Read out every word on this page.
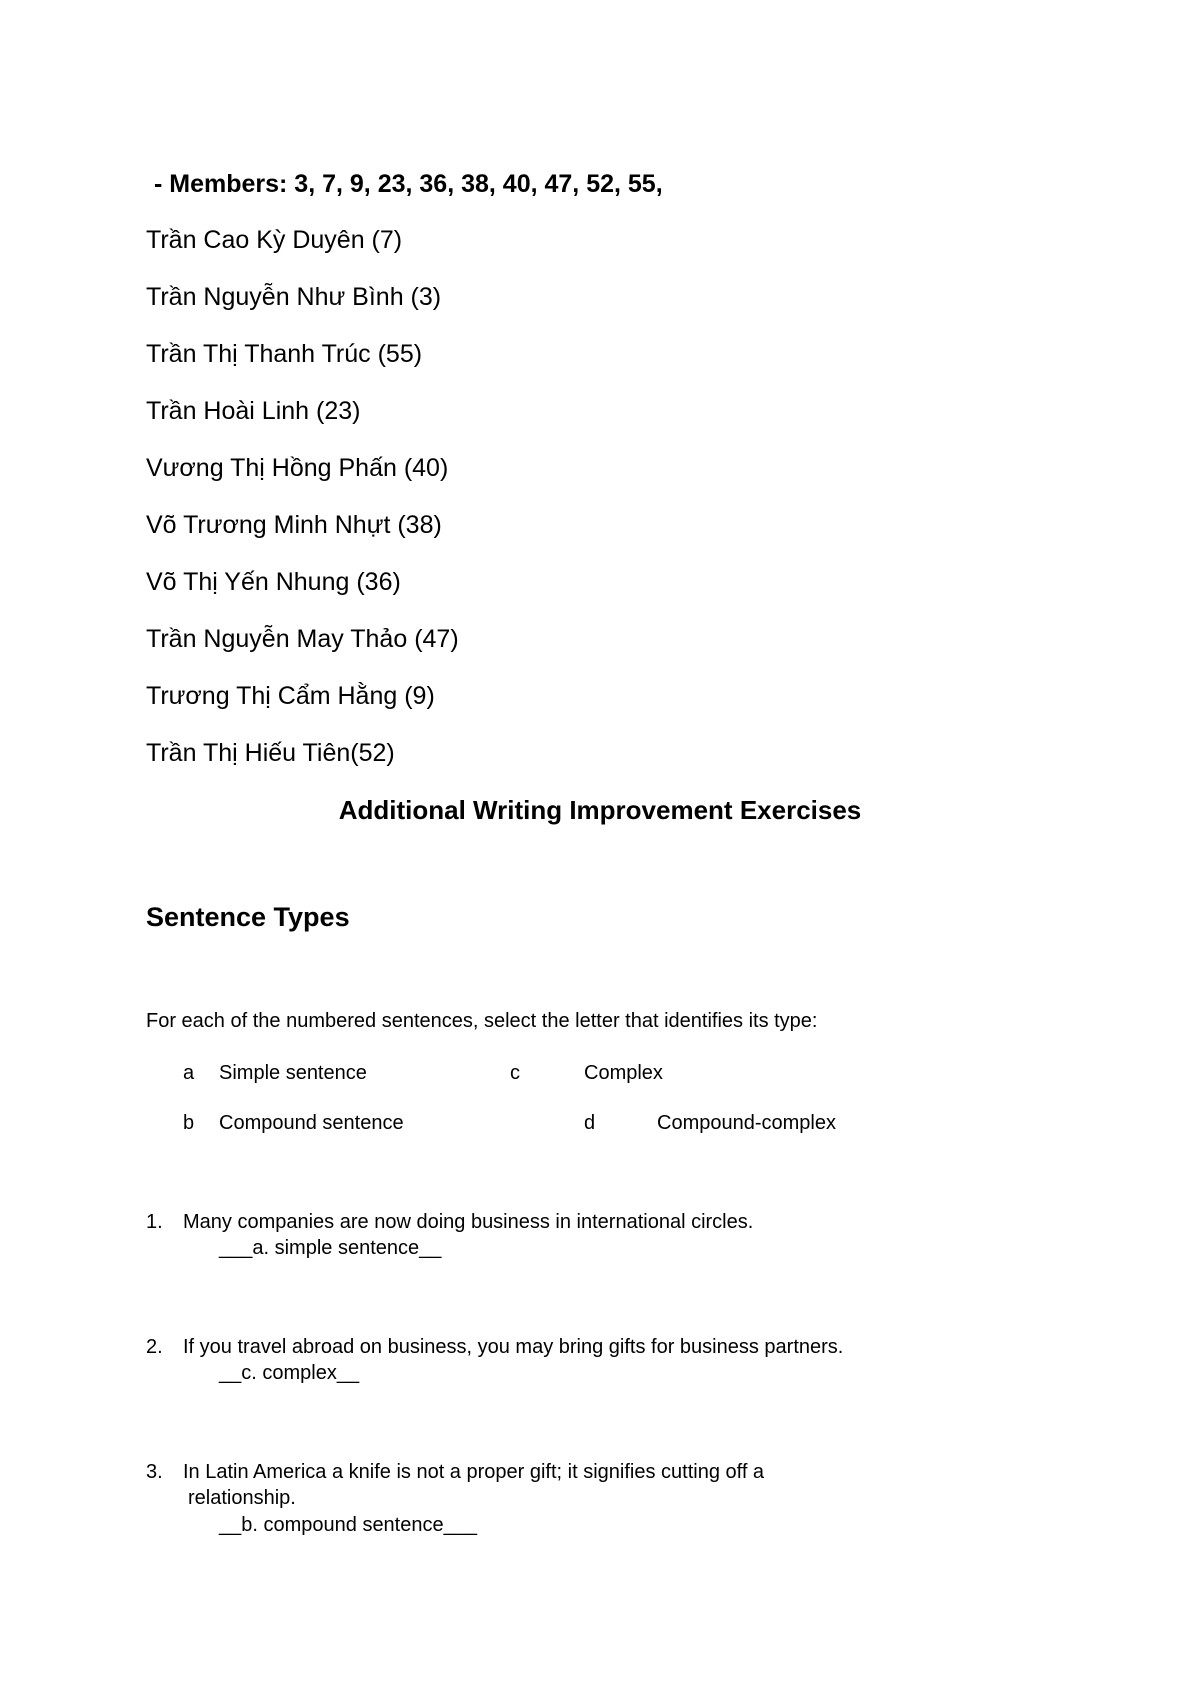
- Members: 3, 7, 9, 23, 36, 38, 40, 47, 52, 55,
Trần Cao Kỳ Duyên (7)
Trần Nguyễn Như Bình (3)
Trần Thị Thanh Trúc (55)
Trần Hoài Linh (23)
Vương Thị Hồng Phấn (40)
Võ Trương Minh Nhựt (38)
Võ Thị Yến Nhung (36)
Trần Nguyễn May Thảo (47)
Trương Thị Cẩm Hằng (9)
Trần Thị Hiếu Tiên(52)
Additional Writing Improvement Exercises
Sentence Types
For each of the numbered sentences, select the letter that identifies its type:
a Simple sentence	c	Complex
b Compound sentence	d	Compound-complex
1. Many companies are now doing business in international circles.
___a. simple sentence__
2. If you travel abroad on business, you may bring gifts for business partners.
__c. complex__
3. In Latin America a knife is not a proper gift; it signifies cutting off a
relationship.
__b. compound sentence___
